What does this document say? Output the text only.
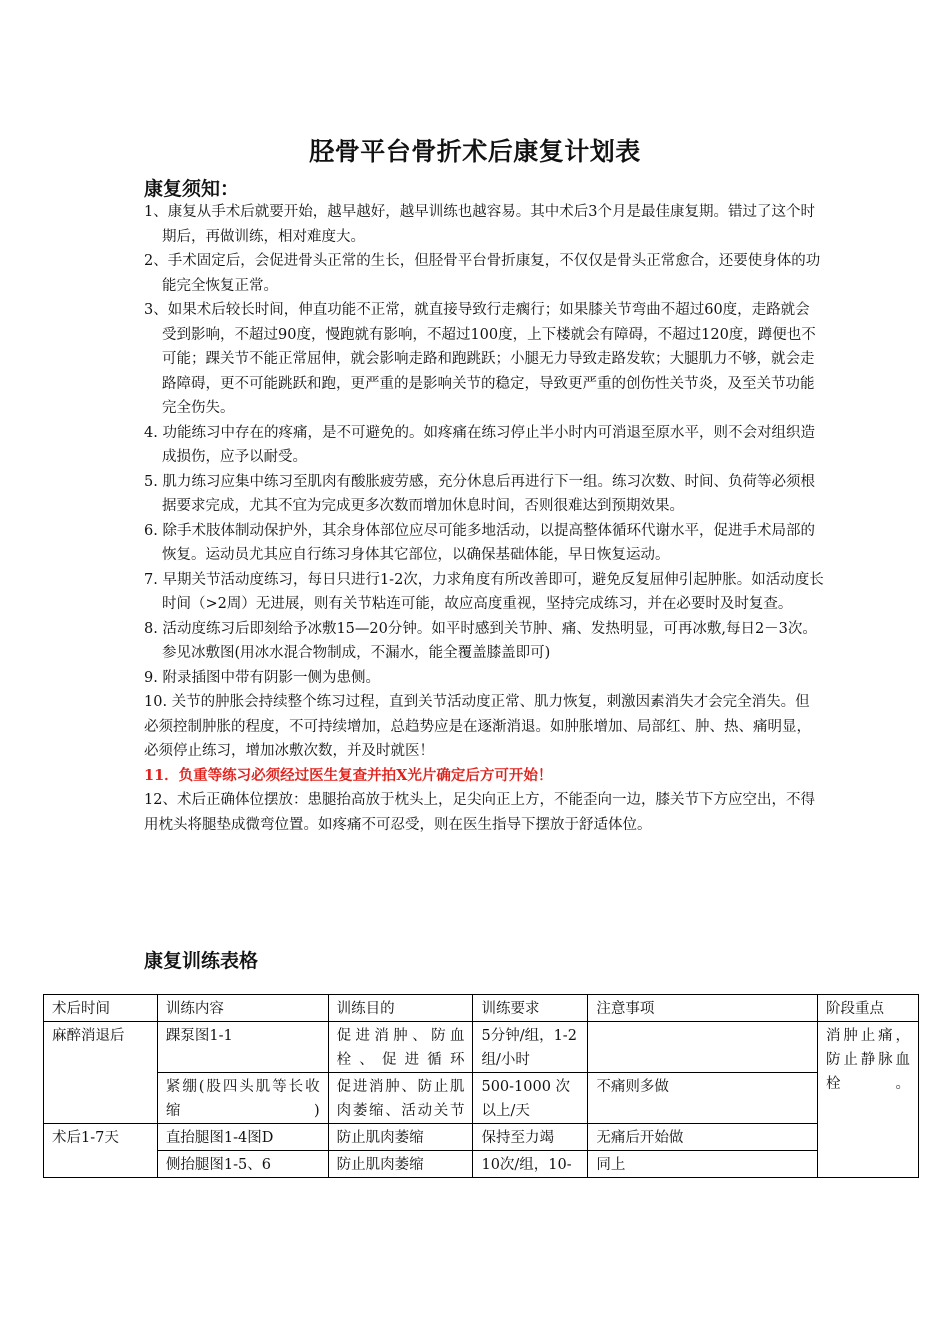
胫骨平台骨折术后康复计划表
康复须知：

1、康复从手术后就要开始，越早越好，越早训练也越容易。其中术后3个月是最佳康复期。错过了这个时期后，再做训练，相对难度大。

2、手术固定后，会促进骨头正常的生长，但胫骨平台骨折康复，不仅仅是骨头正常愈合，还要使身体的功能完全恢复正常。

3、如果术后较长时间，伸直功能不正常，就直接导致行走瘸行；如果膝关节弯曲不超过60度，走路就会受到影响，不超过90度，慢跑就有影响，不超过100度，上下楼就会有障碍，不超过120度，蹲便也不可能；踝关节不能正常屈伸，就会影响走路和跑跳跃；小腿无力导致走路发软；大腿肌力不够，就会走路障碍，更不可能跳跃和跑，更严重的是影响关节的稳定，导致更严重的创伤性关节炎，及至关节功能完全伤失。

4. 功能练习中存在的疼痛，是不可避免的。如疼痛在练习停止半小时内可消退至原水平，则不会对组织造成损伤，应予以耐受。

5. 肌力练习应集中练习至肌肉有酸胀疲劳感，充分休息后再进行下一组。练习次数、时间、负荷等必须根据要求完成，尤其不宜为完成更多次数而增加休息时间，否则很难达到预期效果。

6. 除手术肢体制动保护外，其余身体部位应尽可能多地活动，以提高整体循环代谢水平，促进手术局部的恢复。运动员尤其应自行练习身体其它部位，以确保基础体能，早日恢复运动。

7. 早期关节活动度练习，每日只进行1-2次，力求角度有所改善即可，避免反复屈伸引起肿胀。如活动度长时间（>2周）无进展，则有关节粘连可能，故应高度重视，坚持完成练习，并在必要时及时复查。

8. 活动度练习后即刻给予冰敷15—20分钟。如平时感到关节肿、痛、发热明显，可再冰敷,每日2－3次。参见冰敷图(用冰水混合物制成，不漏水，能全覆盖膝盖即可)

9. 附录插图中带有阴影一侧为患侧。

10. 关节的肿胀会持续整个练习过程，直到关节活动度正常、肌力恢复，刺激因素消失才会完全消失。但必须控制肿胀的程度，不可持续增加，总趋势应是在逐渐消退。如肿胀增加、局部红、肿、热、痛明显，必须停止练习，增加冰敷次数，并及时就医！

11．负重等练习必须经过医生复查并拍X光片确定后方可开始！

12、术后正确体位摆放：患腿抬高放于枕头上，足尖向正上方，不能歪向一边，膝关节下方应空出，不得用枕头将腿垫成微弯位置。如疼痛不可忍受，则在医生指导下摆放于舒适体位。

康复训练表格
术后时间	训练内容	训练目的	训练要求	注意事项	阶段重点
麻醉消退后	踝泵图1-1	促进消肿、防血栓、促进循环	5分钟/组，1-2组/小时		消肿止痛，防止静脉血栓。
	紧绷(股四头肌等长收缩)	促进消肿、防止肌肉萎缩、活动关节	500-1000 次以上/天	不痛则多做	
术后1-7天	直抬腿图1-4图D	防止肌肉萎缩	保持至力竭	无痛后开始做	
	侧抬腿图1-5、6	防止肌肉萎缩	10次/组，10-	同上	
